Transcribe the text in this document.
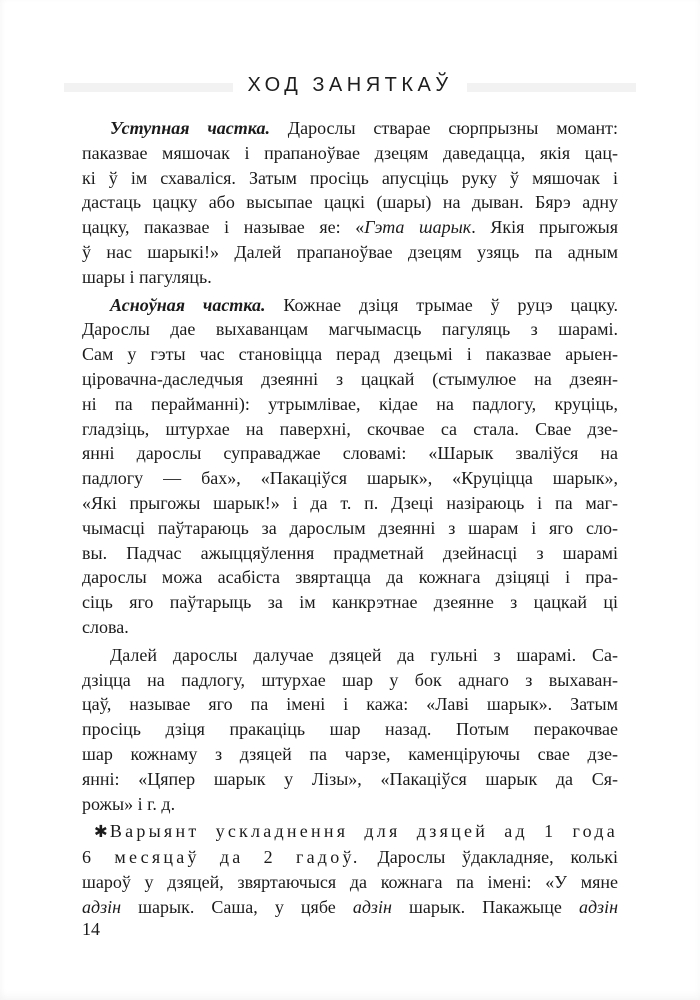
ХОД ЗАНЯТКАЎ
Уступная частка. Дарослы стварае сюрпрызны момант:
паказвае мяшочак і прапаноўвае дзецям даведацца, якія цац-
кі ў ім схаваліся. Затым просіць апусціць руку ў мяшочак і
дастаць цацку або высыпае цацкі (шары) на дыван. Бярэ адну
цацку, паказвае і называе яе: «Гэта шарык. Якія прыгожыя
ў нас шарыкі!» Далей прапаноўвае дзецям узяць па адным
шары і пагуляць.
Асноўная частка. Кожнае дзіця трымае ў руцэ цацку.
Дарослы дае выхаванцам магчымасць пагуляць з шарамі.
Сам у гэты час становіцца перад дзецьмі і паказвае арыен-
ціровачна-даследчыя дзеянні з цацкай (стымулюе на дзеян-
ні па перайманні): утрымлівае, кідае на падлогу, круціць,
гладзіць, штурхае на паверхні, скочвае са стала. Свае дзе-
янні дарослы суправаджае словамі: «Шарык зваліўся на
падлогу — бах», «Пакаціўся шарык», «Круціцца шарык»,
«Які прыгожы шарык!» і да т. п. Дзеці назіраюць і па маг-
чымасці паўтараюць за дарослым дзеянні з шарам і яго сло-
вы. Падчас ажыццяўлення прадметнай дзейнасці з шарамі
дарослы можа асабіста звяртацца да кожнага дзіцяці і пра-
сіць яго паўтарыць за ім канкрэтнае дзеянне з цацкай ці
слова.
Далей дарослы далучае дзяцей да гульні з шарамі. Са-
дзіцца на падлогу, штурхае шар у бок аднаго з выхаван-
цаў, называе яго па імені і кажа: «Лаві шарык». Затым
просіць дзіця пракаціць шар назад. Потым перакочвае
шар кожнаму з дзяцей па чарзе, каменціруючы свае дзе-
янні: «Цяпер шарык у Лізы», «Пакаціўся шарык да Ся-
рожы» і г. д.
✱ Варыянт ускладнення для дзяцей ад 1 года
6 месяцаў да 2 гадоў. Дарослы ўдакладняе, колькі
шароў у дзяцей, звяртаючыся да кожнага па імені: «У мяне
адзін шарык. Саша, у цябе адзін шарык. Пакажыце адзін
14
